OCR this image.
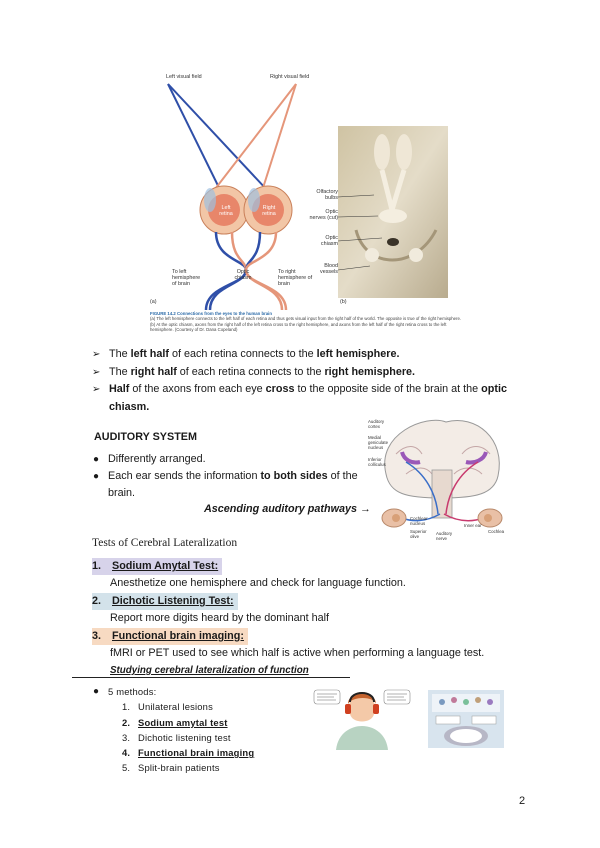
Left visual field	Right visual field
Left retina
Right retina
To left hemisphere of brain
Optic chiasm
To right hemisphere of brain
(a)	(b)
Olfactory bulbs
Optic nerves (cut)
Optic chiasm
Blood vessels
FIGURE 14.2 Connections from the eyes to the human brain
(a) The left hemisphere connects to the left half of each retina and thus gets visual input from the right half of the world. The opposite is true of the right hemisphere. (b) At the optic chiasm, axons from the right half of the left retina cross to the right hemisphere, and axons from the left half of the right retina cross to the left hemisphere. (Courtesy of Dr. Dana Copeland)
➢ The left half of each retina connects to the left hemisphere.
➢ The right half of each retina connects to the right hemisphere.
➢ Half of the axons from each eye cross to the opposite side of the brain at the optic chiasm.
AUDITORY SYSTEM
● Differently arranged.
● Each ear sends the information to both sides of the brain.
Ascending auditory pathways →
Auditory cortex
Medial geniculate nucleus
Inferior colliculus
Cochlear nucleus
Superior olive
Auditory nerve
Inner ear
Cochlea
Tests of Cerebral Lateralization
1. Sodium Amytal Test:
Anesthetize one hemisphere and check for language function.
2. Dichotic Listening Test:
Report more digits heard by the dominant half
3. Functional brain imaging:
fMRI or PET used to see which half is active when performing a language test.
Studying cerebral lateralization of function
● 5 methods:
1. Unilateral lesions
2. Sodium amytal test
3. Dichotic listening test
4. Functional brain imaging
5. Split-brain patients
2
